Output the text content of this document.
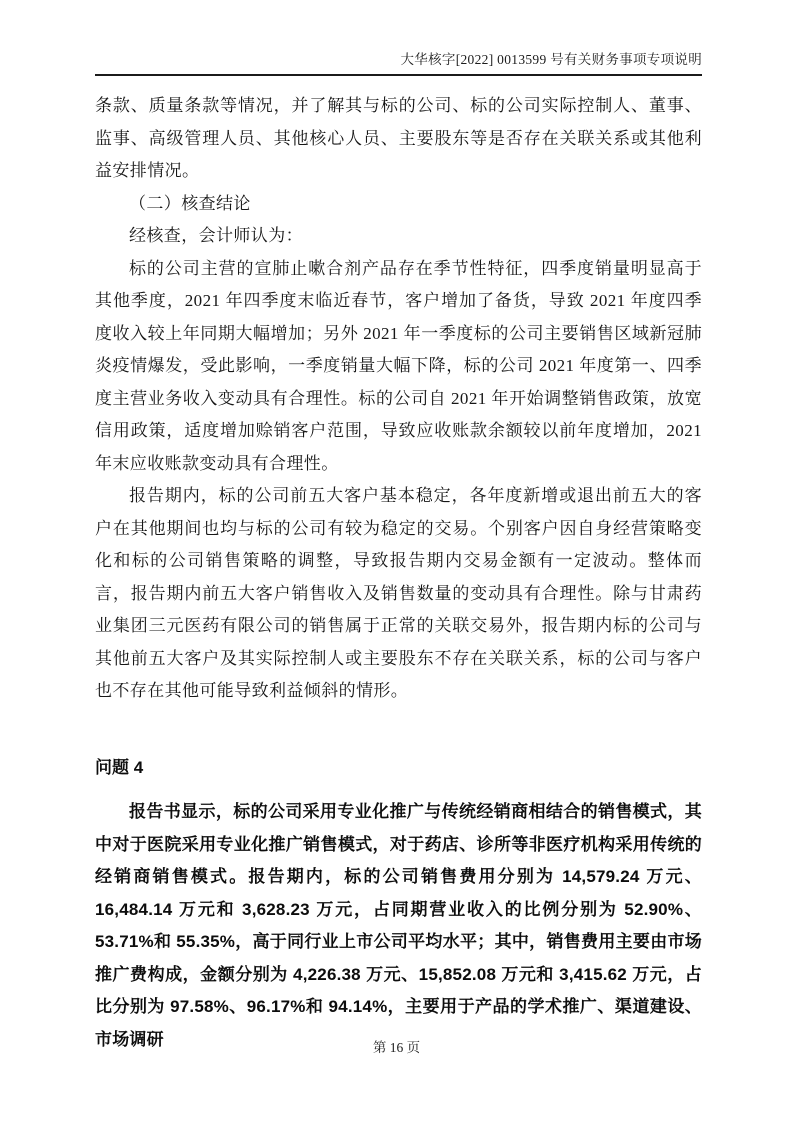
大华核字[2022] 0013599 号有关财务事项专项说明

条款、质量条款等情况，并了解其与标的公司、标的公司实际控制人、董事、监事、高级管理人员、其他核心人员、主要股东等是否存在关联关系或其他利益安排情况。

（二）核查结论

经核查，会计师认为：

标的公司主营的宣肺止嗽合剂产品存在季节性特征，四季度销量明显高于其他季度，2021 年四季度末临近春节，客户增加了备货，导致 2021 年度四季度收入较上年同期大幅增加；另外 2021 年一季度标的公司主要销售区域新冠肺炎疫情爆发，受此影响，一季度销量大幅下降，标的公司 2021 年度第一、四季度主营业务收入变动具有合理性。标的公司自 2021 年开始调整销售政策，放宽信用政策，适度增加赊销客户范围，导致应收账款余额较以前年度增加，2021 年末应收账款变动具有合理性。

报告期内，标的公司前五大客户基本稳定，各年度新增或退出前五大的客户在其他期间也均与标的公司有较为稳定的交易。个别客户因自身经营策略变化和标的公司销售策略的调整，导致报告期内交易金额有一定波动。整体而言，报告期内前五大客户销售收入及销售数量的变动具有合理性。除与甘肃药业集团三元医药有限公司的销售属于正常的关联交易外，报告期内标的公司与其他前五大客户及其实际控制人或主要股东不存在关联关系，标的公司与客户也不存在其他可能导致利益倾斜的情形。

问题 4

报告书显示，标的公司采用专业化推广与传统经销商相结合的销售模式，其中对于医院采用专业化推广销售模式，对于药店、诊所等非医疗机构采用传统的经销商销售模式。报告期内，标的公司销售费用分别为 14,579.24 万元、16,484.14 万元和 3,628.23 万元，占同期营业收入的比例分别为 52.90%、53.71%和 55.35%，高于同行业上市公司平均水平；其中，销售费用主要由市场推广费构成，金额分别为 4,226.38 万元、15,852.08 万元和 3,415.62 万元，占比分别为 97.58%、96.17%和 94.14%，主要用于产品的学术推广、渠道建设、市场调研	第 16 页
